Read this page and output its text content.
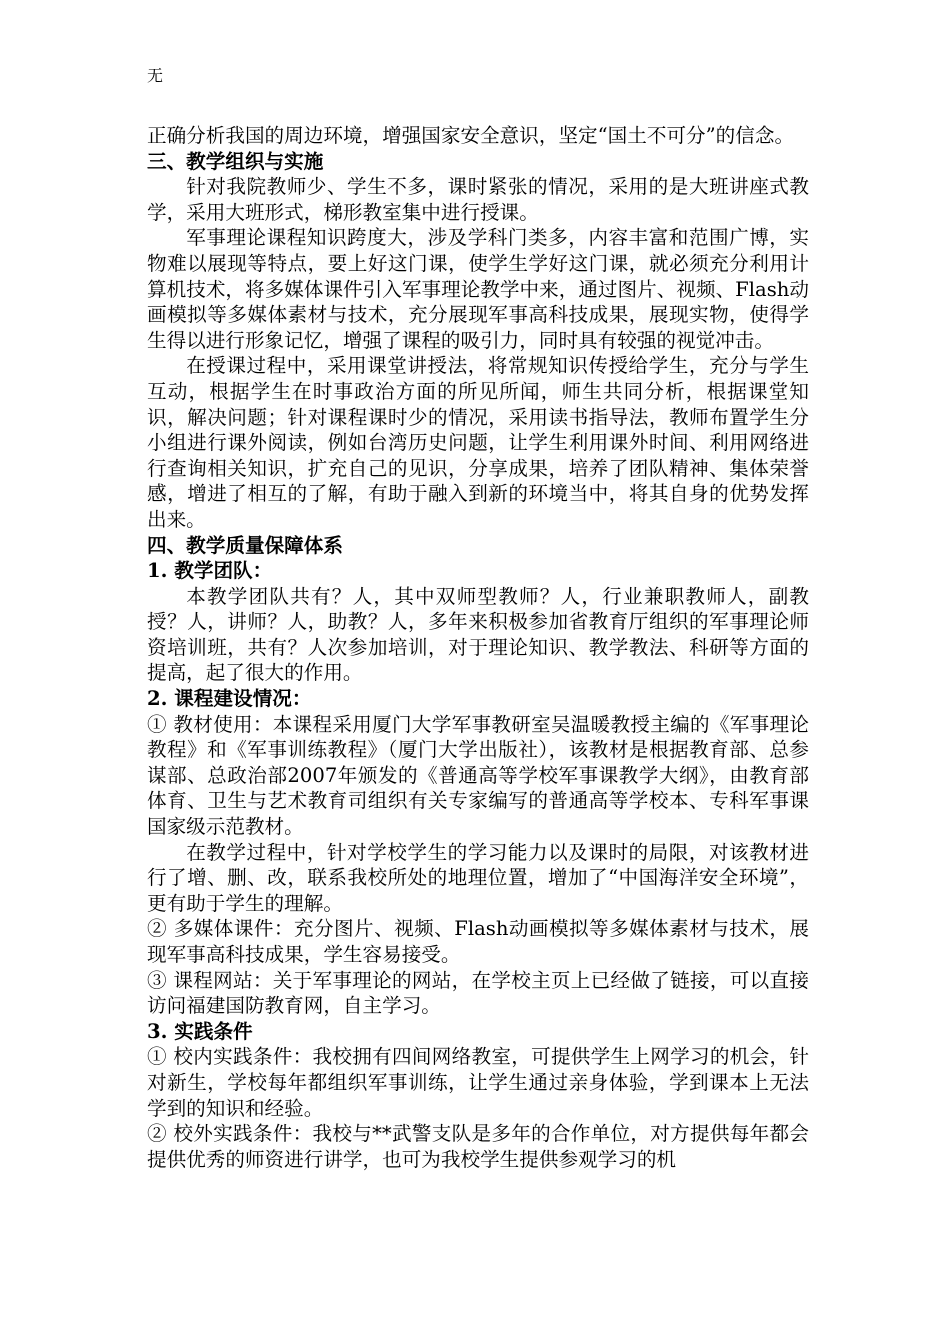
无

正确分析我国的周边环境，增强国家安全意识，坚定“国土不可分”的信念。

三、教学组织与实施

针对我院教师少、学生不多，课时紧张的情况，采用的是大班讲座式教学，采用大班形式，梯形教室集中进行授课。

军事理论课程知识跨度大，涉及学科门类多，内容丰富和范围广博，实物难以展现等特点，要上好这门课，使学生学好这门课，就必须充分利用计算机技术，将多媒体课件引入军事理论教学中来，通过图片、视频、Flash动画模拟等多媒体素材与技术，充分展现军事高科技成果，展现实物，使得学生得以进行形象记忆，增强了课程的吸引力，同时具有较强的视觉冲击。

在授课过程中，采用课堂讲授法，将常规知识传授给学生，充分与学生互动，根据学生在时事政治方面的所见所闻，师生共同分析，根据课堂知识，解决问题；针对课程课时少的情况，采用读书指导法，教师布置学生分小组进行课外阅读，例如台湾历史问题，让学生利用课外时间、利用网络进行查询相关知识，扩充自己的见识，分享成果，培养了团队精神、集体荣誉感，增进了相互的了解，有助于融入到新的环境当中，将其自身的优势发挥出来。

四、教学质量保障体系
1. 教学团队：

本教学团队共有？人，其中双师型教师？人，行业兼职教师人，副教授？人，讲师？人，助教？人，多年来积极参加省教育厅组织的军事理论师资培训班，共有？人次参加培训，对于理论知识、教学教法、科研等方面的提高，起了很大的作用。

2. 课程建设情况：

① 教材使用：本课程采用厦门大学军事教研室吴温暖教授主编的《军事理论教程》和《军事训练教程》（厦门大学出版社），该教材是根据教育部、总参谋部、总政治部2007年颁发的《普通高等学校军事课教学大纲》，由教育部体育、卫生与艺术教育司组织有关专家编写的普通高等学校本、专科军事课国家级示范教材。

在教学过程中，针对学校学生的学习能力以及课时的局限，对该教材进行了增、删、改，联系我校所处的地理位置，增加了“中国海洋安全环境”，更有助于学生的理解。

② 多媒体课件：充分图片、视频、Flash动画模拟等多媒体素材与技术，展现军事高科技成果，学生容易接受。

③ 课程网站：关于军事理论的网站，在学校主页上已经做了链接，可以直接访问福建国防教育网，自主学习。

3. 实践条件

① 校内实践条件：我校拥有四间网络教室，可提供学生上网学习的机会，针对新生，学校每年都组织军事训练，让学生通过亲身体验，学到课本上无法学到的知识和经验。

② 校外实践条件：我校与**武警支队是多年的合作单位，对方提供每年都会提供优秀的师资进行讲学，也可为我校学生提供参观学习的机
